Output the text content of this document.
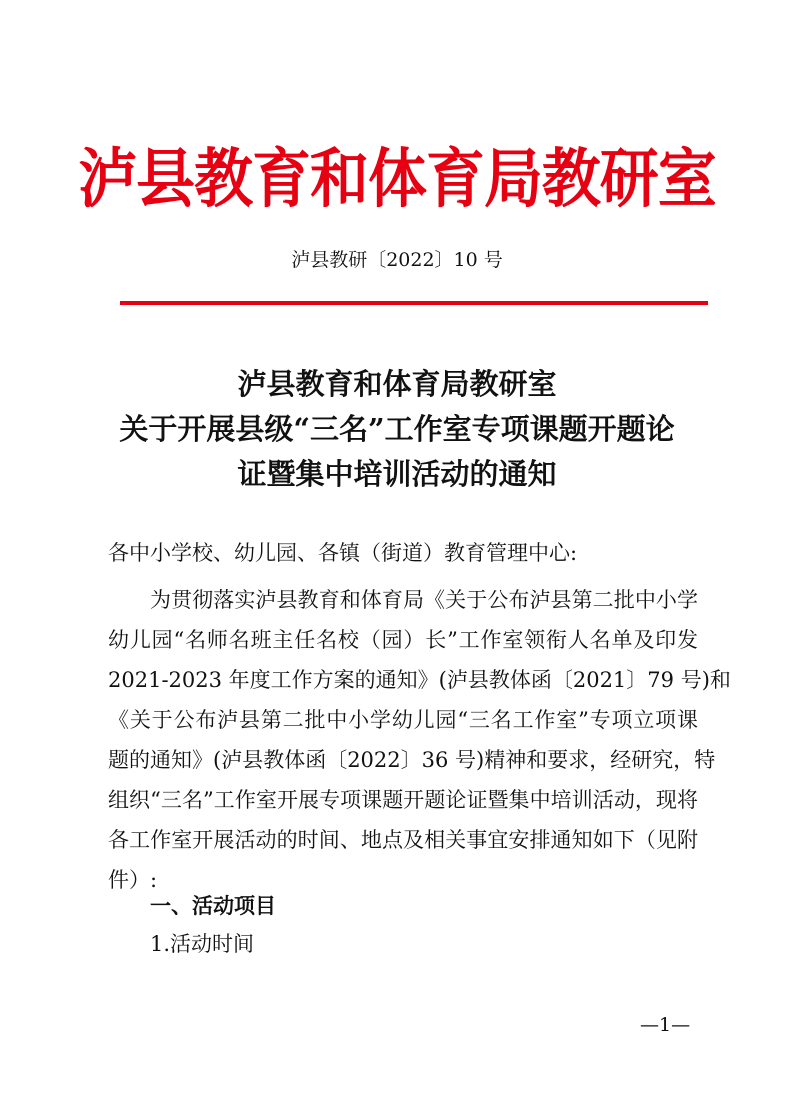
泸县教育和体育局教研室
泸县教研〔2022〕10 号
泸县教育和体育局教研室
关于开展县级“三名”工作室专项课题开题论
证暨集中培训活动的通知
各中小学校、幼儿园、各镇（街道）教育管理中心:
为贯彻落实泸县教育和体育局《关于公布泸县第二批中小学
幼儿园“名师名班主任名校（园）长”工作室领衔人名单及印发
2021-2023 年度工作方案的通知》(泸县教体函〔2021〕79 号)和
《关于公布泸县第二批中小学幼儿园“三名工作室”专项立项课
题的通知》(泸县教体函〔2022〕36 号)精神和要求，经研究，特
组织“三名”工作室开展专项课题开题论证暨集中培训活动，现将
各工作室开展活动的时间、地点及相关事宜安排通知如下（见附
件）:
一、活动项目
1.活动时间
—1—
